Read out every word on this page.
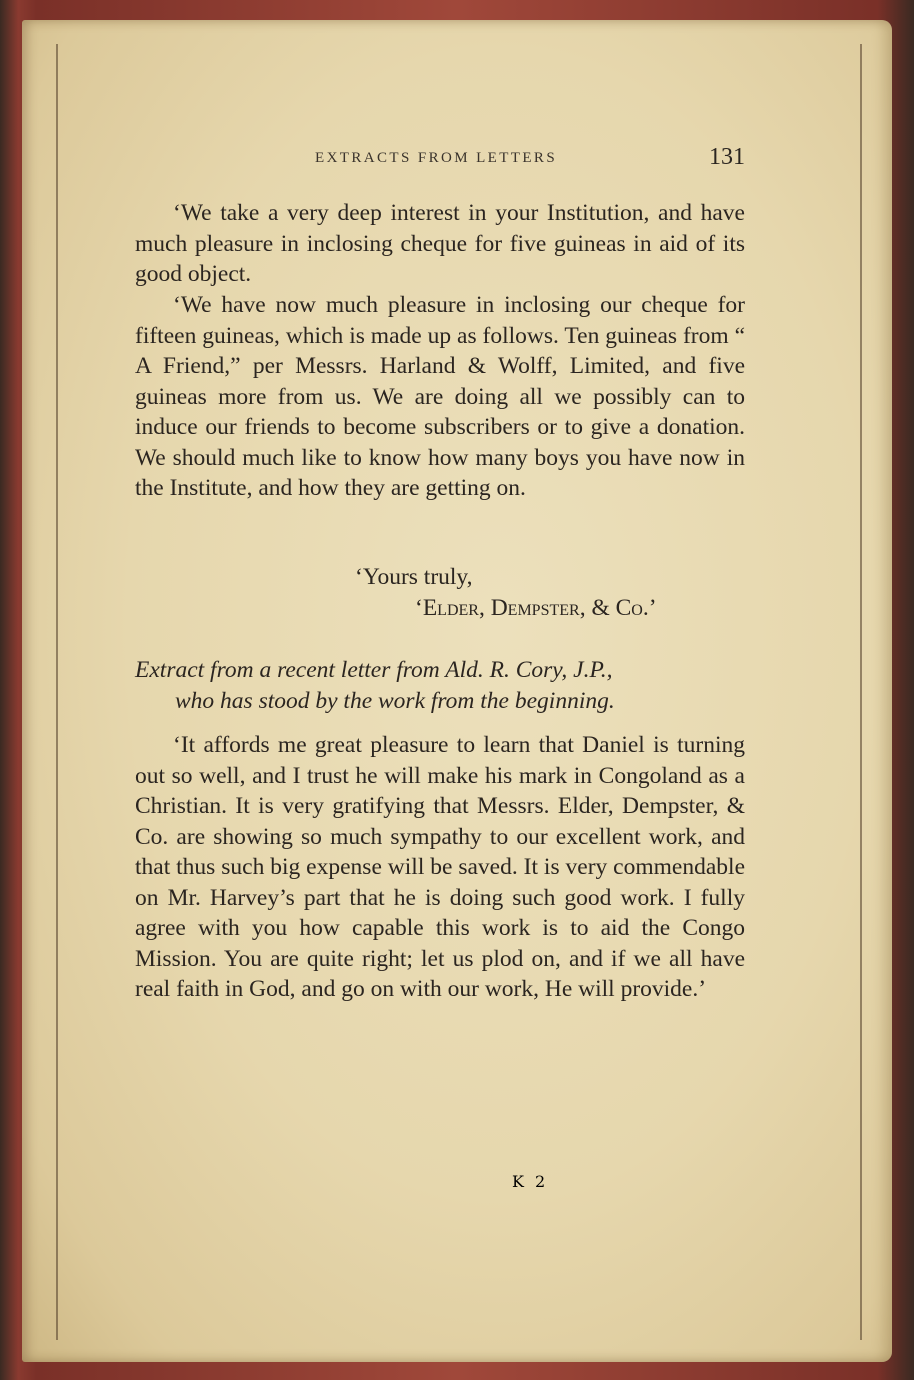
EXTRACTS FROM LETTERS	131

‘We take a very deep interest in your Institution, and have much pleasure in inclosing cheque for five guineas in aid of its good object.

‘We have now much pleasure in inclosing our cheque for fifteen guineas, which is made up as follows. Ten guineas from “ A Friend,” per Messrs. Harland & Wolff, Limited, and five guineas more from us. We are doing all we possibly can to induce our friends to become subscribers or to give a donation. We should much like to know how many boys you have now in the Institute, and how they are getting on.

‘Yours truly,
‘Elder, Dempster, & Co.’
Extract from a recent letter from Ald. R. Cory, J.P.,
who has stood by the work from the beginning.

‘It affords me great pleasure to learn that Daniel is turning out so well, and I trust he will make his mark in Congoland as a Christian. It is very gratifying that Messrs. Elder, Dempster, & Co. are showing so much sympathy to our excellent work, and that thus such big expense will be saved. It is very commendable on Mr. Harvey’s part that he is doing such good work. I fully agree with you how capable this work is to aid the Congo Mission. You are quite right; let us plod on, and if we all have real faith in God, and go on with our work, He will provide.’

K 2
